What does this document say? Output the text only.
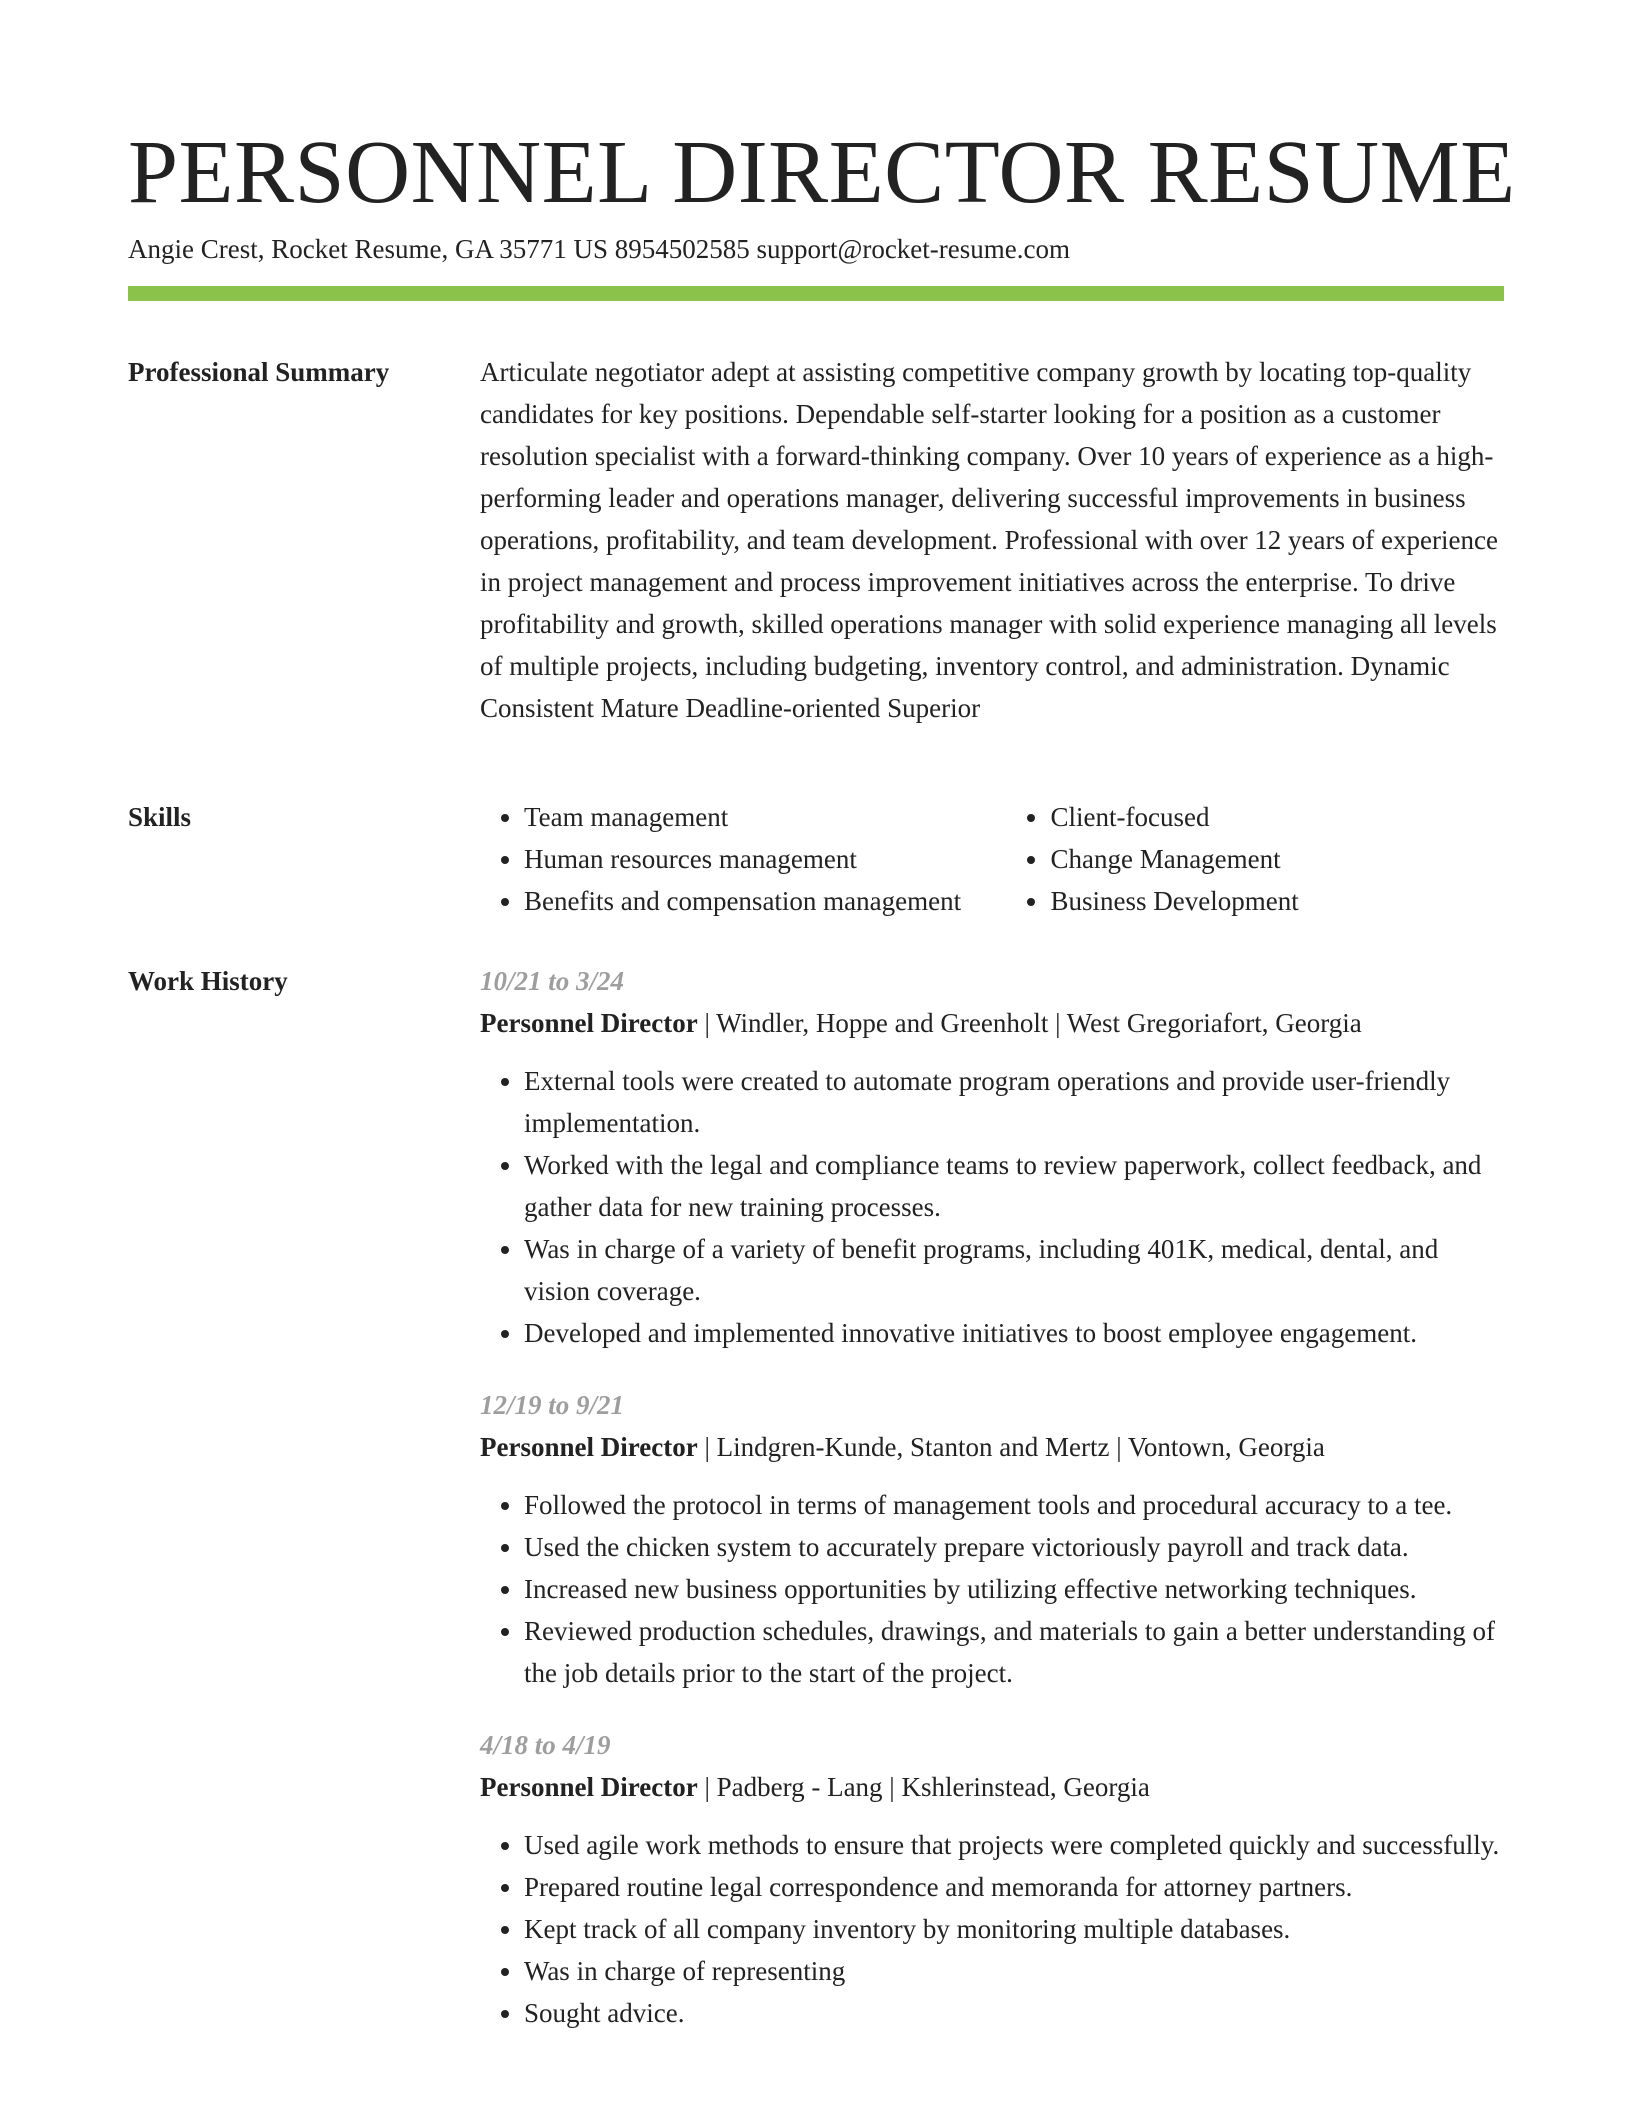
PERSONNEL DIRECTOR RESUME
Angie Crest, Rocket Resume, GA 35771 US 8954502585 support@rocket-resume.com
Professional Summary	Articulate negotiator adept at assisting competitive company growth by locating top-quality candidates for key positions. Dependable self-starter looking for a position as a customer resolution specialist with a forward-thinking company. Over 10 years of experience as a high-performing leader and operations manager, delivering successful improvements in business operations, profitability, and team development. Professional with over 12 years of experience in project management and process improvement initiatives across the enterprise. To drive profitability and growth, skilled operations manager with solid experience managing all levels of multiple projects, including budgeting, inventory control, and administration. Dynamic Consistent Mature Deadline-oriented Superior

Skills
•	Team management
• Human resources management
• Benefits and compensation management
• Client-focused
• Change Management
• Business Development
Work History	10/21 to 3/24
Personnel Director | Windler, Hoppe and Greenholt | West Gregoriafort, Georgia
• External tools were created to automate program operations and provide user-friendly implementation.
• Worked with the legal and compliance teams to review paperwork, collect feedback, and gather data for new training processes.
• Was in charge of a variety of benefit programs, including 401K, medical, dental, and vision coverage.
• Developed and implemented innovative initiatives to boost employee engagement.
12/19 to 9/21
Personnel Director | Lindgren-Kunde, Stanton and Mertz | Vontown, Georgia
• Followed the protocol in terms of management tools and procedural accuracy to a tee.
• Used the chicken system to accurately prepare victoriously payroll and track data.
• Increased new business opportunities by utilizing effective networking techniques.
• Reviewed production schedules, drawings, and materials to gain a better understanding of the job details prior to the start of the project.
4/18 to 4/19
Personnel Director | Padberg - Lang | Kshlerinstead, Georgia
• Used agile work methods to ensure that projects were completed quickly and successfully.
• Prepared routine legal correspondence and memoranda for attorney partners.
• Kept track of all company inventory by monitoring multiple databases.
• Was in charge of representing
• Sought advice.
